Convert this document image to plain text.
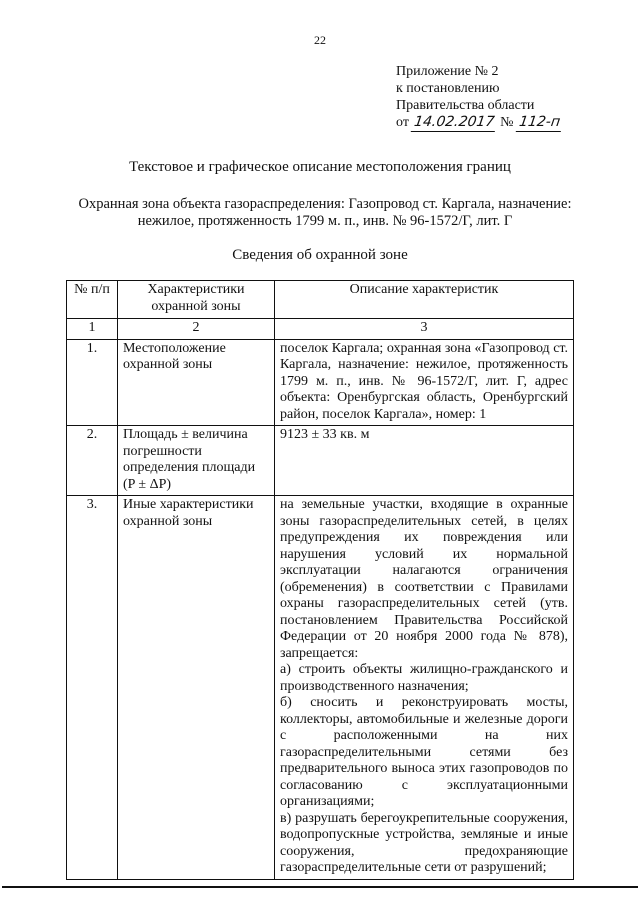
22
Приложение № 2
к постановлению
Правительства области
от 14.02.2017 № 112-п
Текстовое и графическое описание местоположения границ
Охранная зона объекта газораспределения: Газопровод ст. Каргала, назначение: нежилое, протяженность 1799 м. п., инв. № 96-1572/Г, лит. Г
Сведения об охранной зоне
№ п/п	Характеристики охранной зоны	Описание характеристик
1	2	3
1.	Местоположение охранной зоны	поселок Каргала; охранная зона «Газопровод ст. Каргала, назначение: нежилое, протяженность 1799 м. п., инв. № 96-1572/Г, лит. Г, адрес объекта: Оренбургская область, Оренбургский район, поселок Каргала», номер: 1
2.	Площадь ± величина погрешности определения площади (P ± ΔP)	9123 ± 33 кв. м
3.	Иные характеристики охранной зоны	на земельные участки, входящие в охранные зоны газораспределительных сетей, в целях предупреждения их повреждения или нарушения условий их нормальной эксплуатации налагаются ограничения (обременения) в соответствии с Правилами охраны газораспределительных сетей (утв. постановлением Правительства Российской Федерации от 20 ноября 2000 года № 878), запрещается:
а) строить объекты жилищно-гражданского и производственного назначения;
б) сносить и реконструировать мосты, коллекторы, автомобильные и железные дороги с расположенными на них газораспределительными сетями без предварительного выноса этих газопроводов по согласованию с эксплуатационными организациями;
в) разрушать берегоукрепительные сооружения, водопропускные устройства, земляные и иные сооружения, предохраняющие газораспределительные сети от разрушений;
